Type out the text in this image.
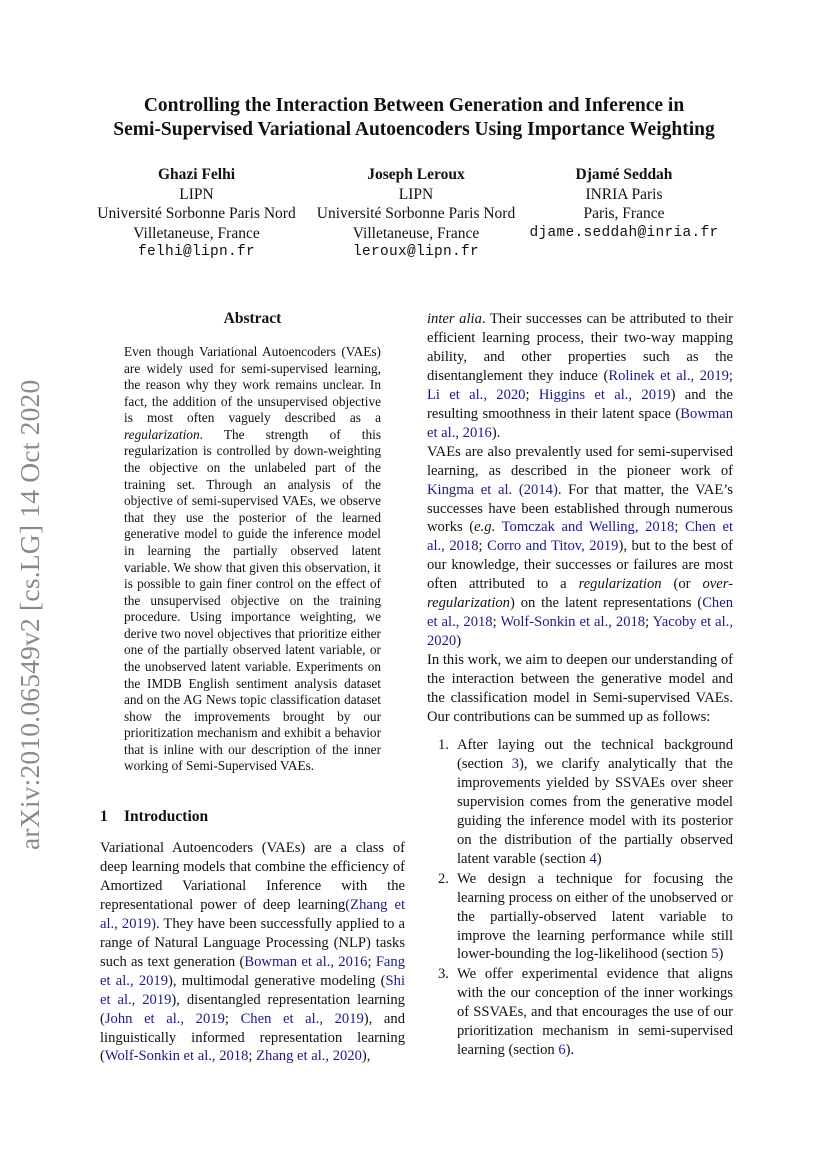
Controlling the Interaction Between Generation and Inference in
Semi-Supervised Variational Autoencoders Using Importance Weighting
Ghazi Felhi
LIPN
Université Sorbonne Paris Nord
Villetaneuse, France
felhi@lipn.fr
Joseph Leroux
LIPN
Université Sorbonne Paris Nord
Villetaneuse, France
leroux@lipn.fr
Djamé Seddah
INRIA Paris
Paris, France
djame.seddah@inria.fr
arXiv:2010.06549v2 [cs.LG] 14 Oct 2020
Abstract
Even though Variational Autoencoders (VAEs) are widely used for semi-supervised learning, the reason why they work remains unclear. In fact, the addition of the unsupervised objective is most often vaguely described as a regularization. The strength of this regularization is controlled by down-weighting the objective on the unlabeled part of the training set. Through an analysis of the objective of semi-supervised VAEs, we observe that they use the posterior of the learned generative model to guide the inference model in learning the partially observed latent variable. We show that given this observation, it is possible to gain finer control on the effect of the unsupervised objective on the training procedure. Using importance weighting, we derive two novel objectives that prioritize either one of the partially observed latent variable, or the unobserved latent variable. Experiments on the IMDB English sentiment analysis dataset and on the AG News topic classification dataset show the improvements brought by our prioritization mechanism and exhibit a behavior that is inline with our description of the inner working of Semi-Supervised VAEs.
1 Introduction
Variational Autoencoders (VAEs) are a class of deep learning models that combine the efficiency of Amortized Variational Inference with the representational power of deep learning(Zhang et al., 2019). They have been successfully applied to a range of Natural Language Processing (NLP) tasks such as text generation (Bowman et al., 2016; Fang et al., 2019), multimodal generative modeling (Shi et al., 2019), disentangled representation learning (John et al., 2019; Chen et al., 2019), and linguistically informed representation learning (Wolf-Sonkin et al., 2018; Zhang et al., 2020),

inter alia. Their successes can be attributed to their efficient learning process, their two-way mapping ability, and other properties such as the disentanglement they induce (Rolinek et al., 2019; Li et al., 2020; Higgins et al., 2019) and the resulting smoothness in their latent space (Bowman et al., 2016).

VAEs are also prevalently used for semi-supervised learning, as described in the pioneer work of Kingma et al. (2014). For that matter, the VAE’s successes have been established through numerous works (e.g. Tomczak and Welling, 2018; Chen et al., 2018; Corro and Titov, 2019), but to the best of our knowledge, their successes or failures are most often attributed to a regularization (or over-regularization) on the latent representations (Chen et al., 2018; Wolf-Sonkin et al., 2018; Yacoby et al., 2020)

In this work, we aim to deepen our understanding of the interaction between the generative model and the classification model in Semi-supervised VAEs. Our contributions can be summed up as follows:

1. After laying out the technical background (section 3), we clarify analytically that the improvements yielded by SSVAEs over sheer supervision comes from the generative model guiding the inference model with its posterior on the distribution of the partially observed latent varable (section 4)
2. We design a technique for focusing the learning process on either of the unobserved or the partially-observed latent variable to improve the learning performance while still lower-bounding the log-likelihood (section 5)
3. We offer experimental evidence that aligns with the our conception of the inner workings of SSVAEs, and that encourages the use of our prioritization mechanism in semi-supervised learning (section 6).
